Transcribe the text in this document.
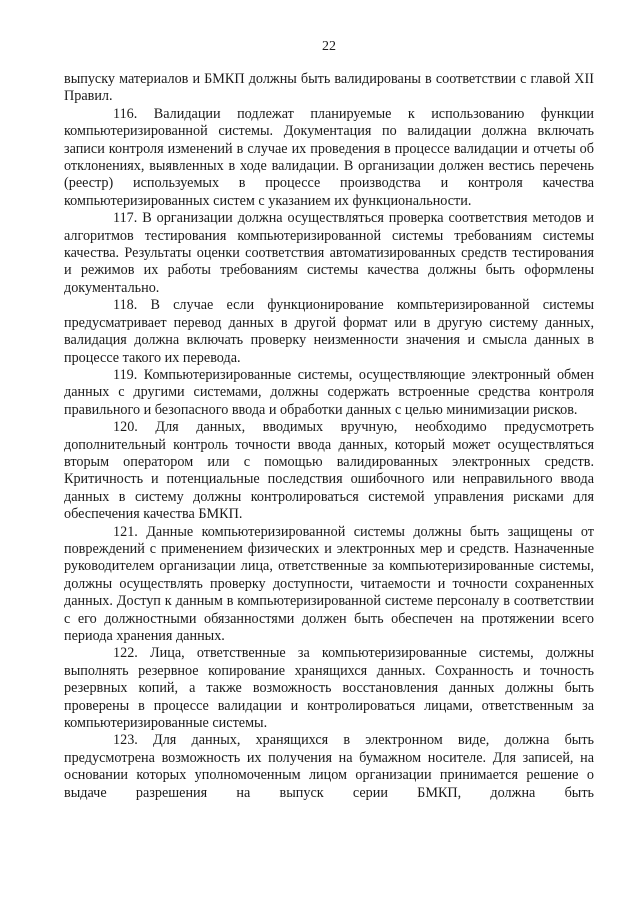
22

выпуску материалов и БМКП должны быть валидированы в соответствии с главой XII Правил.

116. Валидации подлежат планируемые к использованию функции компьютеризированной системы. Документация по валидации должна включать записи контроля изменений в случае их проведения в процессе валидации и отчеты об отклонениях, выявленных в ходе валидации. В организации должен вестись перечень (реестр) используемых в процессе производства и контроля качества компьютеризированных систем с указанием их функциональности.

117. В организации должна осуществляться проверка соответствия методов и алгоритмов тестирования компьютеризированной системы требованиям системы качества. Результаты оценки соответствия автоматизированных средств тестирования и режимов их работы требованиям системы качества должны быть оформлены документально.

118. В случае если функционирование компьтеризированной системы предусматривает перевод данных в другой формат или в другую систему данных, валидация должна включать проверку неизменности значения и смысла данных в процессе такого их перевода.

119. Компьютеризированные системы, осуществляющие электронный обмен данных с другими системами, должны содержать встроенные средства контроля правильного и безопасного ввода и обработки данных с целью минимизации рисков.

120. Для данных, вводимых вручную, необходимо предусмотреть дополнительный контроль точности ввода данных, который может осуществляться вторым оператором или с помощью валидированных электронных средств. Критичность и потенциальные последствия ошибочного или неправильного ввода данных в систему должны контролироваться системой управления рисками для обеспечения качества БМКП.

121. Данные компьютеризированной системы должны быть защищены от повреждений с применением физических и электронных мер и средств. Назначенные руководителем организации лица, ответственные за компьютеризированные системы, должны осуществлять проверку доступности, читаемости и точности сохраненных данных. Доступ к данным в компьютеризированной системе персоналу в соответствии с его должностными обязанностями должен быть обеспечен на протяжении всего периода хранения данных.

122. Лица, ответственные за компьютеризированные системы, должны выполнять резервное копирование хранящихся данных. Сохранность и точность резервных копий, а также возможность восстановления данных должны быть проверены в процессе валидации и контролироваться лицами, ответственным за компьютеризированные системы.

123. Для данных, хранящихся в электронном виде, должна быть предусмотрена возможность их получения на бумажном носителе. Для записей, на основании которых уполномоченным лицом организации принимается решение о выдаче разрешения на выпуск серии БМКП, должна быть
